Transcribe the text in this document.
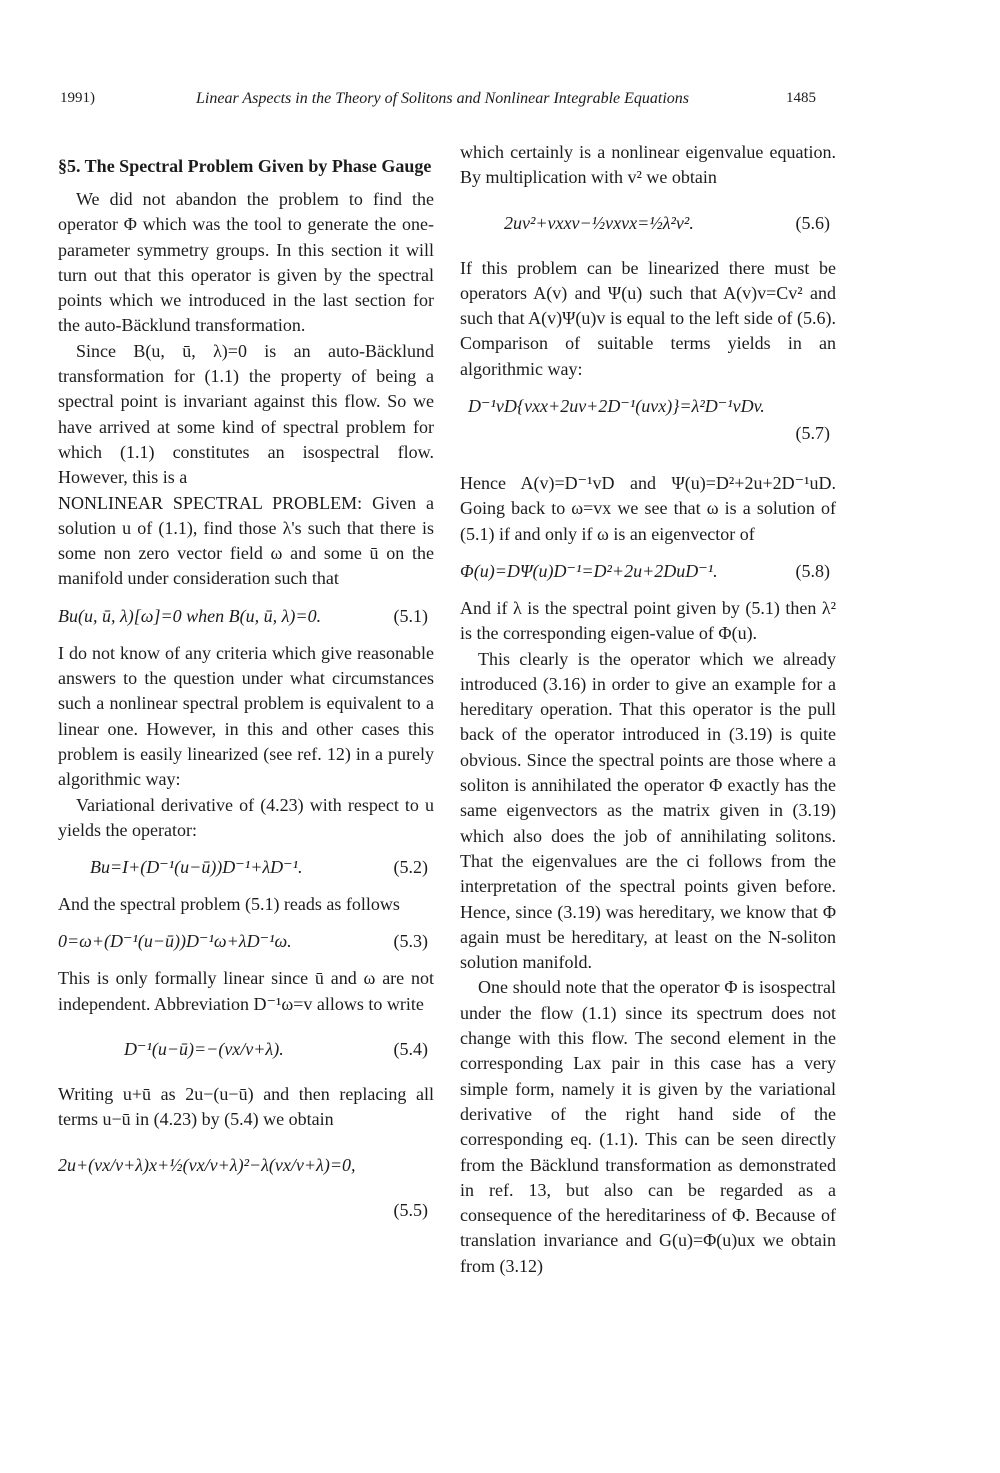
1991)	Linear Aspects in the Theory of Solitons and Nonlinear Integrable Equations	1485
§5. The Spectral Problem Given by Phase Gauge

We did not abandon the problem to find the operator Φ which was the tool to generate the one-parameter symmetry groups. In this section it will turn out that this operator is given by the spectral points which we introduced in the last section for the auto-Bäcklund transformation.

Since B(u, ū, λ)=0 is an auto-Bäcklund transformation for (1.1) the property of being a spectral point is invariant against this flow. So we have arrived at some kind of spectral problem for which (1.1) constitutes an isospectral flow. However, this is a

NONLINEAR SPECTRAL PROBLEM: Given a solution u of (1.1), find those λ's such that there is some non zero vector field ω and some ū on the manifold under consideration such that

Bu(u, ū, λ)[ω]=0 when B(u, ū, λ)=0.	(5.1)

I do not know of any criteria which give reasonable answers to the question under what circumstances such a nonlinear spectral problem is equivalent to a linear one. However, in this and other cases this problem is easily linearized (see ref. 12) in a purely algorithmic way:

Variational derivative of (4.23) with respect to u yields the operator:

Bu=I+(D⁻¹(u−ū))D⁻¹+λD⁻¹.	(5.2)

And the spectral problem (5.1) reads as follows

0=ω+(D⁻¹(u−ū))D⁻¹ω+λD⁻¹ω.	(5.3)

This is only formally linear since ū and ω are not independent. Abbreviation D⁻¹ω=v allows to write

D⁻¹(u−ū)=−(vx/v+λ).	(5.4)

Writing u+ū as 2u−(u−ū) and then replacing all terms u−ū in (4.23) by (5.4) we obtain

2u+(vx/v+λ)x+½(vx/v+λ)²−λ(vx/v+λ)=0,
(5.5)

which certainly is a nonlinear eigenvalue equation. By multiplication with v² we obtain

2uv²+vxxv−½vxvx=½λ²v².	(5.6)

If this problem can be linearized there must be operators A(v) and Ψ(u) such that A(v)v=Cv² and such that A(v)Ψ(u)v is equal to the left side of (5.6). Comparison of suitable terms yields in an algorithmic way:

D⁻¹vD{vxx+2uv+2D⁻¹(uvx)}=λ²D⁻¹vDv.
(5.7)

Hence A(v)=D⁻¹vD and Ψ(u)=D²+2u+2D⁻¹uD. Going back to ω=vx we see that ω is a solution of (5.1) if and only if ω is an eigenvector of

Φ(u)=DΨ(u)D⁻¹=D²+2u+2DuD⁻¹.	(5.8)

And if λ is the spectral point given by (5.1) then λ² is the corresponding eigen-value of Φ(u).

This clearly is the operator which we already introduced (3.16) in order to give an example for a hereditary operation. That this operator is the pull back of the operator introduced in (3.19) is quite obvious. Since the spectral points are those where a soliton is annihilated the operator Φ exactly has the same eigenvectors as the matrix given in (3.19) which also does the job of annihilating solitons. That the eigenvalues are the ci follows from the interpretation of the spectral points given before. Hence, since (3.19) was hereditary, we know that Φ again must be hereditary, at least on the N-soliton solution manifold.

One should note that the operator Φ is isospectral under the flow (1.1) since its spectrum does not change with this flow. The second element in the corresponding Lax pair in this case has a very simple form, namely it is given by the variational derivative of the right hand side of the corresponding eq. (1.1). This can be seen directly from the Bäcklund transformation as demonstrated in ref. 13, but also can be regarded as a consequence of the hereditariness of Φ. Because of translation invariance and G(u)=Φ(u)ux we obtain from (3.12)
